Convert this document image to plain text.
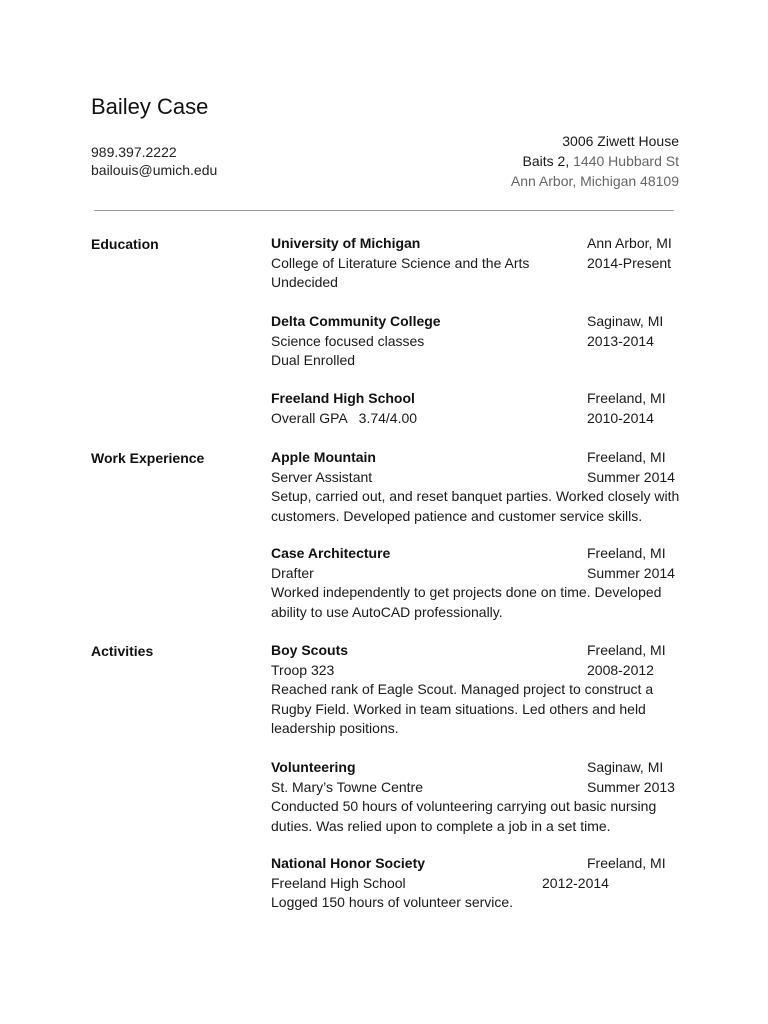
Bailey Case
989.397.2222
bailouis@umich.edu
3006 Ziwett House
Baits 2, 1440 Hubbard St
Ann Arbor, Michigan 48109
Education	University of Michigan	Ann Arbor, MI
College of Literature Science and the Arts	2014-Present
Undecided
Delta Community College	Saginaw, MI
Science focused classes	2013-2014
Dual Enrolled
Freeland High School	Freeland, MI
Overall GPA   3.74/4.00	2010-2014
Work Experience	Apple Mountain	Freeland, MI
Server Assistant	Summer 2014
Setup, carried out, and reset banquet parties. Worked closely with customers. Developed patience and customer service skills.
Case Architecture	Freeland, MI
Drafter	Summer 2014
Worked independently to get projects done on time. Developed ability to use AutoCAD professionally.
Activities	Boy Scouts	Freeland, MI
Troop 323	2008-2012
Reached rank of Eagle Scout. Managed project to construct a Rugby Field. Worked in team situations. Led others and held leadership positions.
Volunteering	Saginaw, MI
St. Mary’s Towne Centre	Summer 2013
Conducted 50 hours of volunteering carrying out basic nursing duties. Was relied upon to complete a job in a set time.
National Honor Society	Freeland, MI
Freeland High School	2012-2014
Logged 150 hours of volunteer service.
